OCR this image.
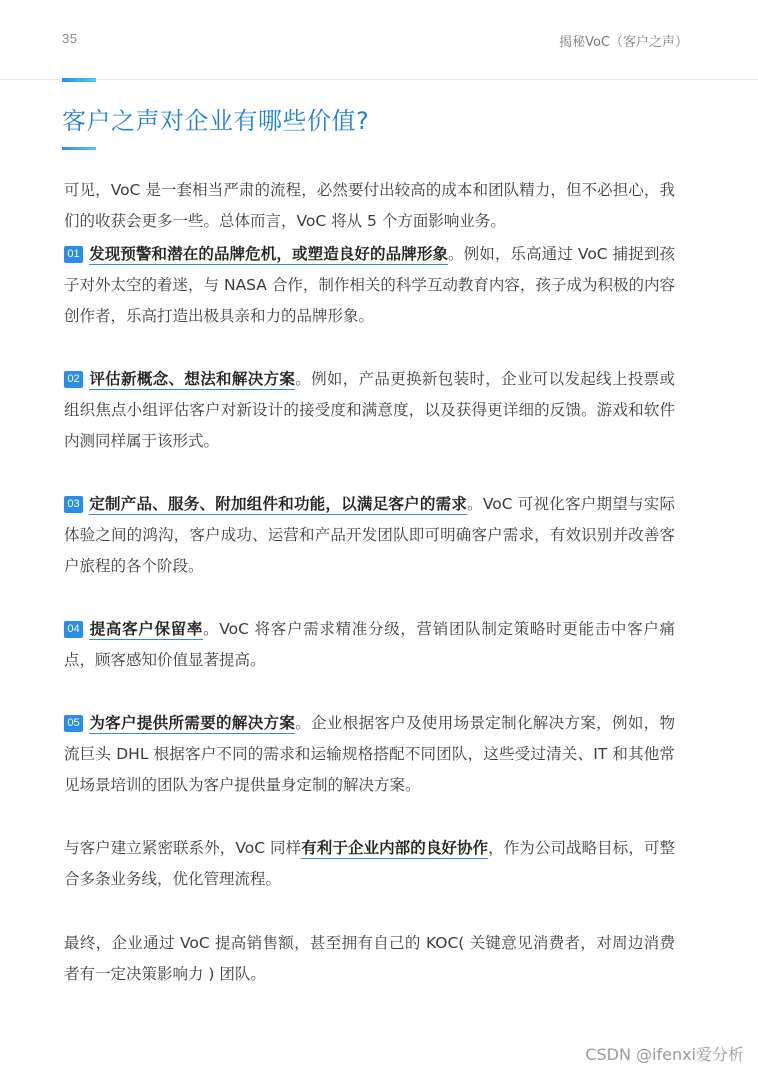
35	揭秘VoC（客户之声）
客户之声对企业有哪些价值?

可见，VoC 是一套相当严肃的流程，必然要付出较高的成本和团队精力，但不必担心，我们的收获会更多一些。总体而言，VoC 将从 5 个方面影响业务。

01 发现预警和潜在的品牌危机，或塑造良好的品牌形象。例如，乐高通过 VoC 捕捉到孩子对外太空的着迷，与 NASA 合作，制作相关的科学互动教育内容，孩子成为积极的内容创作者，乐高打造出极具亲和力的品牌形象。

02 评估新概念、想法和解决方案。例如，产品更换新包装时，企业可以发起线上投票或组织焦点小组评估客户对新设计的接受度和满意度，以及获得更详细的反馈。游戏和软件内测同样属于该形式。

03 定制产品、服务、附加组件和功能，以满足客户的需求。VoC 可视化客户期望与实际体验之间的鸿沟，客户成功、运营和产品开发团队即可明确客户需求，有效识别并改善客户旅程的各个阶段。

04 提高客户保留率。VoC 将客户需求精准分级，营销团队制定策略时更能击中客户痛点，顾客感知价值显著提高。

05 为客户提供所需要的解决方案。企业根据客户及使用场景定制化解决方案，例如，物流巨头 DHL 根据客户不同的需求和运输规格搭配不同团队，这些受过清关、IT 和其他常见场景培训的团队为客户提供量身定制的解决方案。

与客户建立紧密联系外，VoC 同样有利于企业内部的良好协作，作为公司战略目标，可整合多条业务线，优化管理流程。

最终，企业通过 VoC 提高销售额，甚至拥有自己的 KOC( 关键意见消费者，对周边消费者有一定决策影响力 ) 团队。

CSDN @ifenxi爱分析
